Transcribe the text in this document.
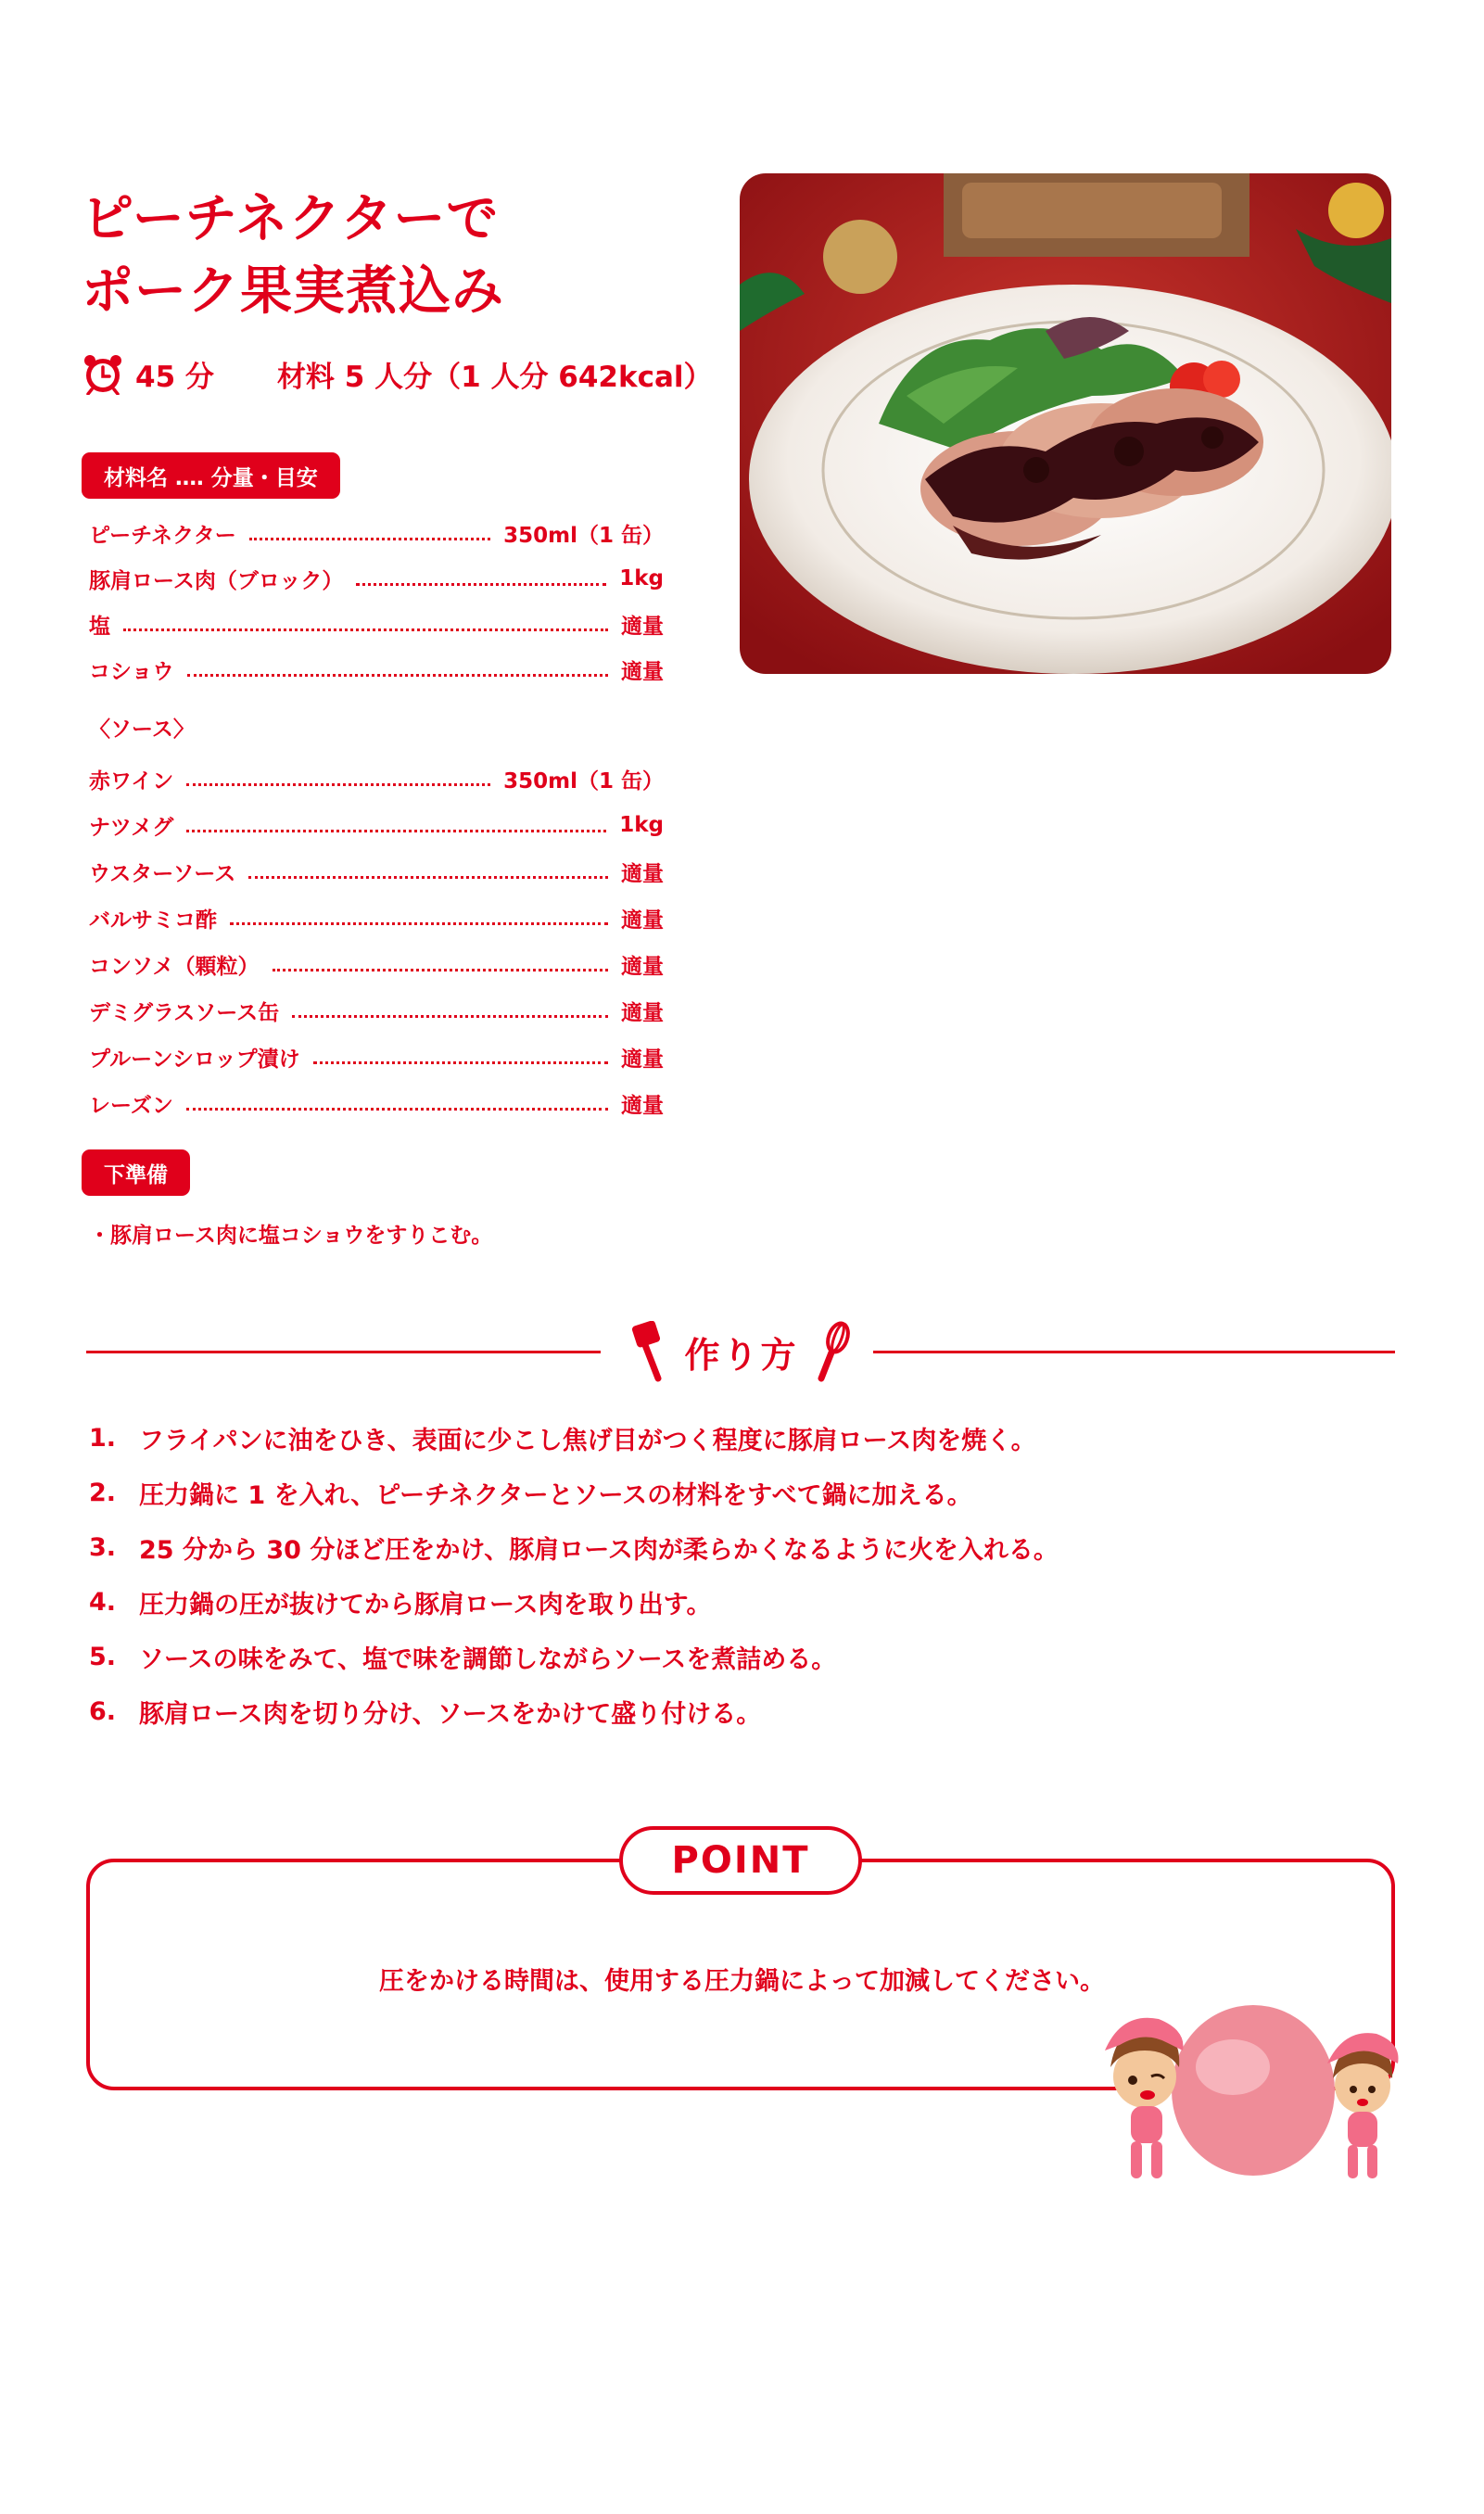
ピーチネクターで
ポーク果実煮込み
45 分 材料 5 人分（1 人分 642kcal）
材料名 ‥‥ 分量・目安
ピーチネクター	350ml（1 缶）
豚肩ロース肉（ブロック）	1kg
塩	適量
コショウ	適量
〈ソース〉
赤ワイン	350ml（1 缶）
ナツメグ	1kg
ウスターソース	適量
バルサミコ酢	適量
コンソメ（顆粒）	適量
デミグラスソース缶	適量
プルーンシロップ漬け	適量
レーズン	適量
下準備
・豚肩ロース肉に塩コショウをすりこむ。
作り方
1. フライパンに油をひき、表面に少こし焦げ目がつく程度に豚肩ロース肉を焼く。
2. 圧力鍋に 1 を入れ、ピーチネクターとソースの材料をすべて鍋に加える。
3. 25 分から 30 分ほど圧をかけ、豚肩ロース肉が柔らかくなるように火を入れる。
4. 圧力鍋の圧が抜けてから豚肩ロース肉を取り出す。
5. ソースの味をみて、塩で味を調節しながらソースを煮詰める。
6. 豚肩ロース肉を切り分け、ソースをかけて盛り付ける。
POINT
圧をかける時間は、使用する圧力鍋によって加減してください。
